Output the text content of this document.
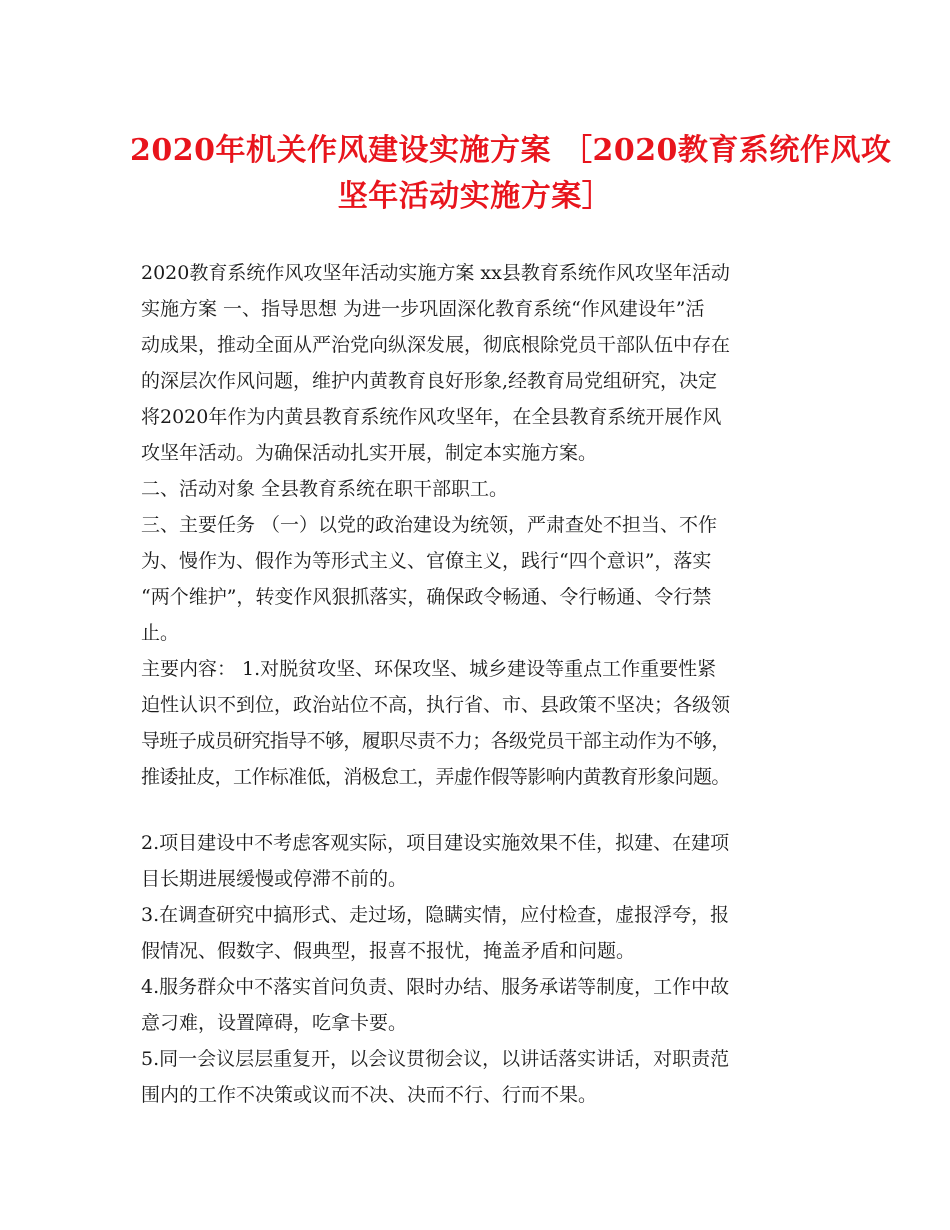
2020年机关作风建设实施方案 ［2020教育系统作风攻
坚年活动实施方案］
2020教育系统作风攻坚年活动实施方案 xx县教育系统作风攻坚年活动
实施方案 一、指导思想 为进一步巩固深化教育系统“作风建设年”活
动成果，推动全面从严治党向纵深发展，彻底根除党员干部队伍中存在
的深层次作风问题，维护内黄教育良好形象,经教育局党组研究，决定
将2020年作为内黄县教育系统作风攻坚年，在全县教育系统开展作风
攻坚年活动。为确保活动扎实开展，制定本实施方案。
二、活动对象 全县教育系统在职干部职工。
三、主要任务 （一）以党的政治建设为统领，严肃查处不担当、不作
为、慢作为、假作为等形式主义、官僚主义，践行“四个意识”，落实
“两个维护”，转变作风狠抓落实，确保政令畅通、令行畅通、令行禁
止。
主要内容： 1.对脱贫攻坚、环保攻坚、城乡建设等重点工作重要性紧
迫性认识不到位，政治站位不高，执行省、市、县政策不坚决；各级领
导班子成员研究指导不够，履职尽责不力；各级党员干部主动作为不够，
推诿扯皮，工作标准低，消极怠工，弄虚作假等影响内黄教育形象问题。
2.项目建设中不考虑客观实际，项目建设实施效果不佳，拟建、在建项
目长期进展缓慢或停滞不前的。
3.在调查研究中搞形式、走过场，隐瞒实情，应付检查，虚报浮夸，报
假情况、假数字、假典型，报喜不报忧，掩盖矛盾和问题。
4.服务群众中不落实首问负责、限时办结、服务承诺等制度，工作中故
意刁难，设置障碍，吃拿卡要。
5.同一会议层层重复开，以会议贯彻会议，以讲话落实讲话，对职责范
围内的工作不决策或议而不决、决而不行、行而不果。
